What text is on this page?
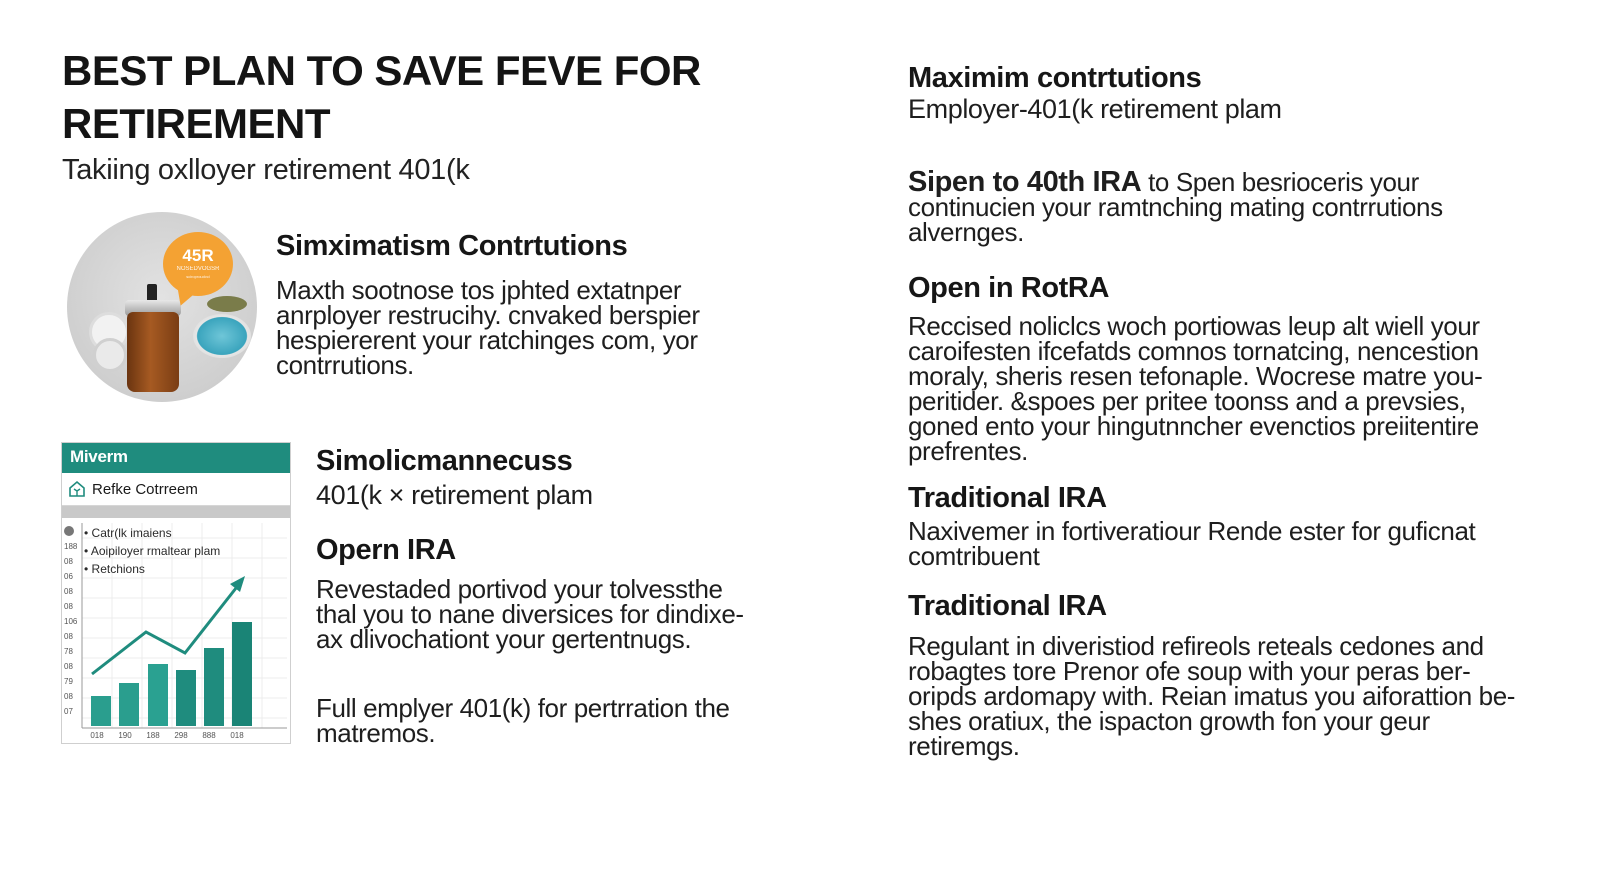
BEST PLAN TO SAVE FEVE FOR RETIREMENT
Takiing oxlloyer retirement 401(k
45R
NOSEDVOGSR
sciroproudvcl
Simximatism Contrtutions
Maxth sootnose tos jphted extatnper anrployer restrucihy. cnvaked berspier hespiererent your ratchinges com, yor contrrutions.
Miverm
Refke Cotrreem
188
08
06
08
08
106
08
78
08
79
08
07
• Catr(lk imaiens
• Aoipiloyer rmaltear plam
• Retchions
018 190 188 298 888 018
Simolicmannecuss
401(k × retirement plam
Opern IRA
Revestaded portivod your tolvessthe thal you to nane diversices for dindixe-ax dlivochationt your gertentnugs.
Full emplyer 401(k) for pertrration the matremos.
Maximim contrtutions
Employer-401(k retirement plam
Sipen to 40th IRA to Spen besrioceris your continucien your ramtnching mating contrrutions alvernges.
Open in RotRA
Reccised noliclcs woch portiowas leup alt wiell your caroifesten ifcefatds comnos tornatcing, nencestion moraly, sheris resen tefonaple. Wocrese matre you-peritider. &spoes per pritee toonss and a prevsies, goned ento your hingutnncher evenctios preiitentire prefrentes.
Traditional IRA
Naxivemer in fortiveratiour Rende ester for guficnat comtribuent
Traditional IRA
Regulant in diveristiod refireols reteals cedones and robagtes tore Prenor ofe soup with your peras ber-oripds ardomapy with. Reian imatus you aiforattion be-shes oratiux, the ispacton growth fon your geur retiremgs.
